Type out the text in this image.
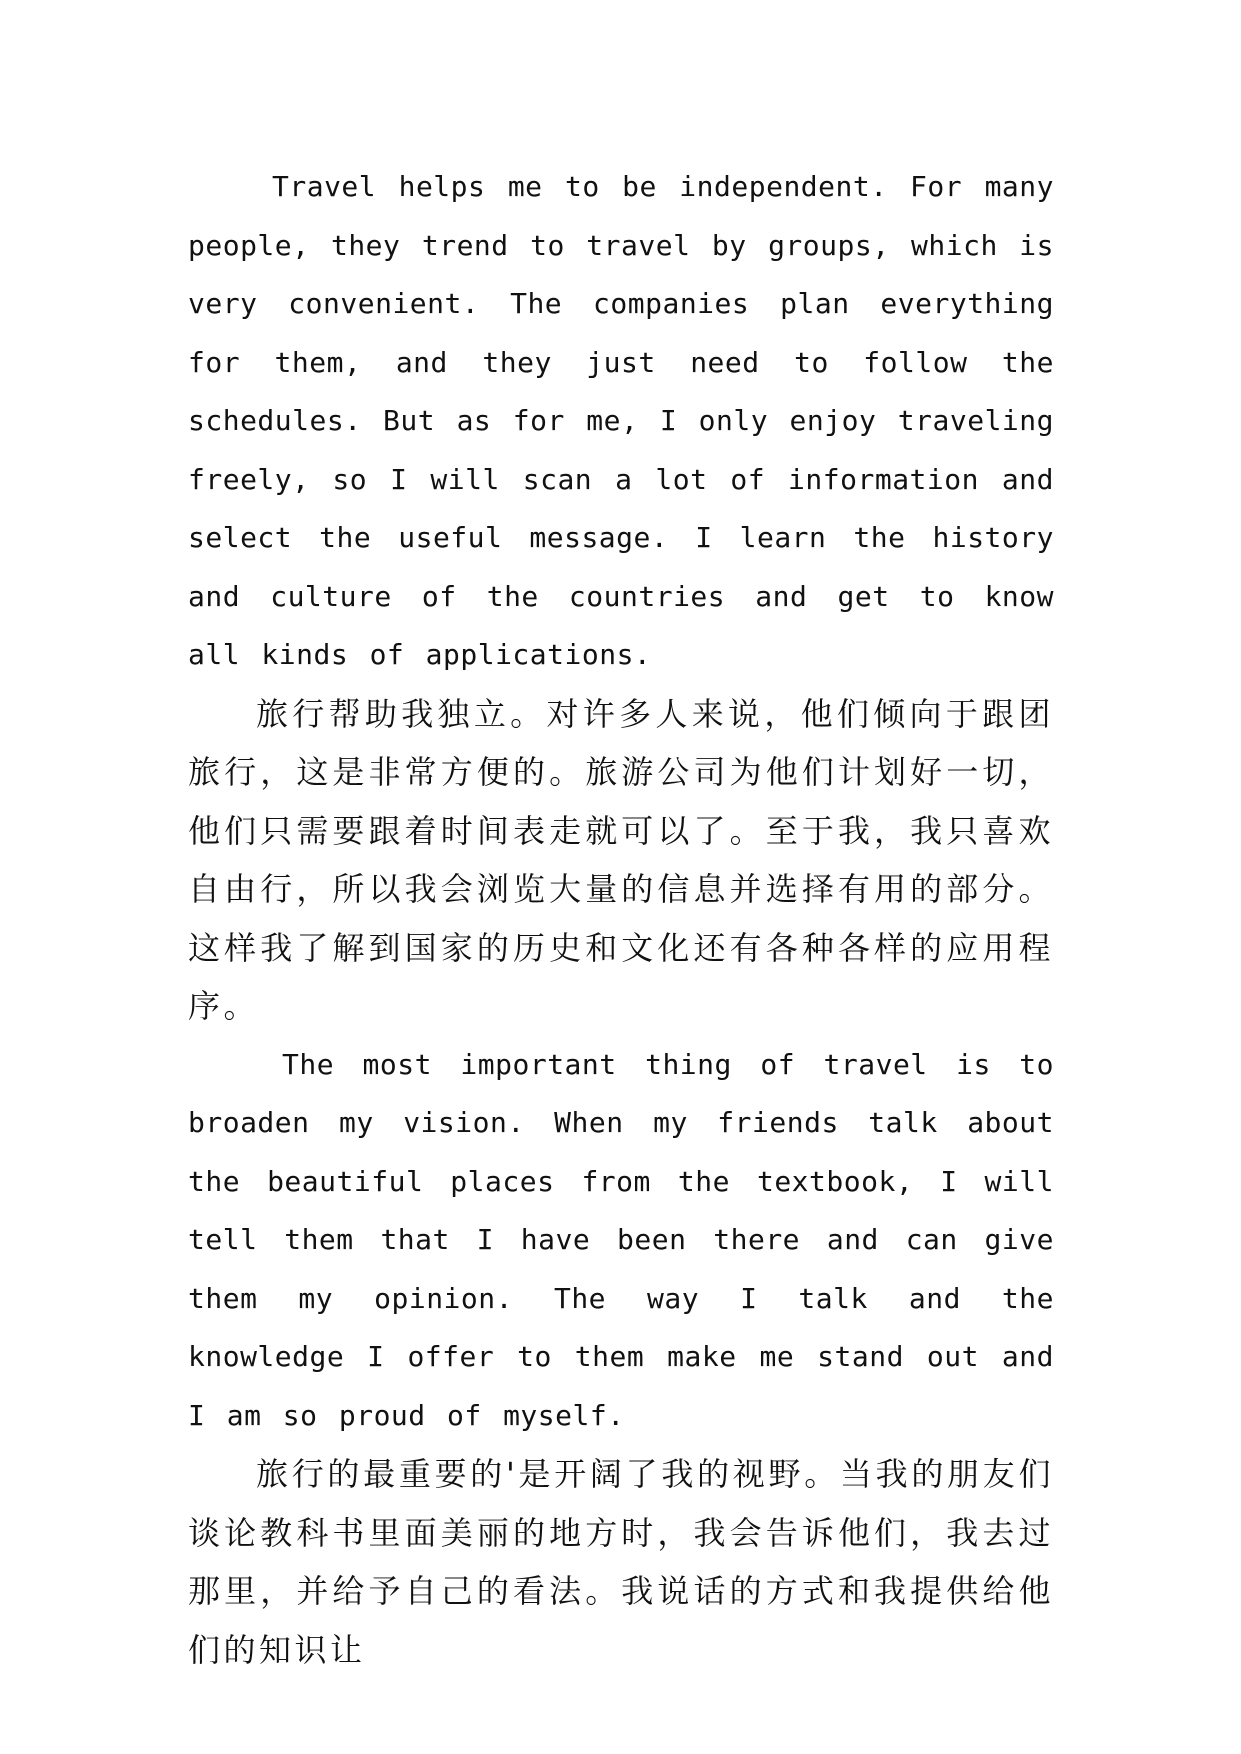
Travel helps me to be independent. For many people, they trend to travel by groups, which is very convenient. The companies plan everything for them, and they just need to follow the schedules. But as for me, I only enjoy traveling freely, so I will scan a lot of information and select the useful message. I learn the history and culture of the countries and get to know all kinds of applications.

旅行帮助我独立。对许多人来说，他们倾向于跟团旅行，这是非常方便的。旅游公司为他们计划好一切，他们只需要跟着时间表走就可以了。至于我，我只喜欢自由行，所以我会浏览大量的信息并选择有用的部分。这样我了解到国家的历史和文化还有各种各样的应用程序。

The most important thing of travel is to broaden my vision. When my friends talk about the beautiful places from the textbook, I will tell them that I have been there and can give them my opinion. The way I talk and the knowledge I offer to them make me stand out and I am so proud of myself.

旅行的最重要的'是开阔了我的视野。当我的朋友们谈论教科书里面美丽的地方时，我会告诉他们，我去过那里，并给予自己的看法。我说话的方式和我提供给他们的知识让
